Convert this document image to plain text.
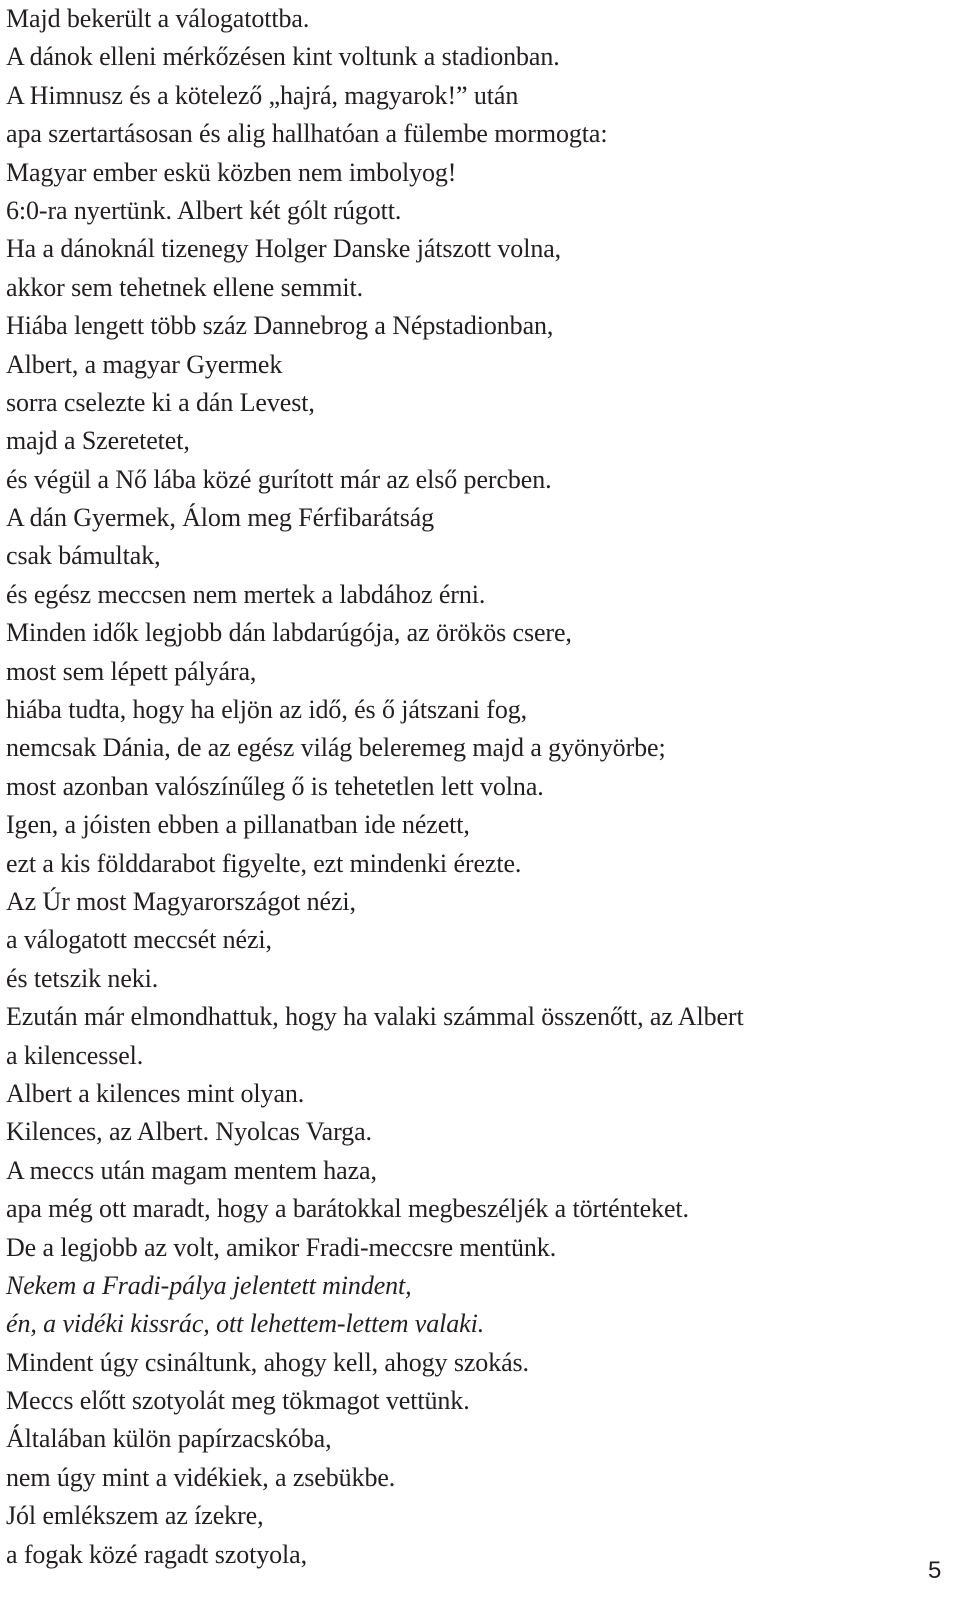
Majd bekerült a válogatottba.
A dánok elleni mérkőzésen kint voltunk a stadionban.
A Himnusz és a kötelező „hajrá, magyarok!” után
apa szertartásosan és alig hallhatóan a fülembe mormogta:
Magyar ember eskü közben nem imbolyog!
6:0-ra nyertünk. Albert két gólt rúgott.
Ha a dánoknál tizenegy Holger Danske játszott volna,
akkor sem tehetnek ellene semmit.
Hiába lengett több száz Dannebrog a Népstadionban,
Albert, a magyar Gyermek
sorra cselezte ki a dán Levest,
majd a Szeretetet,
és végül a Nő lába közé gurított már az első percben.
A dán Gyermek, Álom meg Férfibarátság
csak bámultak,
és egész meccsen nem mertek a labdához érni.
Minden idők legjobb dán labdarúgója, az örökös csere,
most sem lépett pályára,
hiába tudta, hogy ha eljön az idő, és ő játszani fog,
nemcsak Dánia, de az egész világ beleremeg majd a gyönyörbe;
most azonban valószínűleg ő is tehetetlen lett volna.
Igen, a jóisten ebben a pillanatban ide nézett,
ezt a kis földdarabot figyelte, ezt mindenki érezte.
Az Úr most Magyarországot nézi,
a válogatott meccsét nézi,
és tetszik neki.
Ezután már elmondhattuk, hogy ha valaki számmal összenőtt, az Albert
a kilencessel.
Albert a kilences mint olyan.
Kilences, az Albert. Nyolcas Varga.
A meccs után magam mentem haza,
apa még ott maradt, hogy a barátokkal megbeszéljék a történteket.
De a legjobb az volt, amikor Fradi-meccsre mentünk.
Nekem a Fradi-pálya jelentett mindent,
én, a vidéki kissrác, ott lehettem-lettem valaki.
Mindent úgy csináltunk, ahogy kell, ahogy szokás.
Meccs előtt szotyolát meg tökmagot vettünk.
Általában külön papírzacskóba,
nem úgy mint a vidékiek, a zsebükbe.
Jól emlékszem az ízekre,
a fogak közé ragadt szotyola,
5
